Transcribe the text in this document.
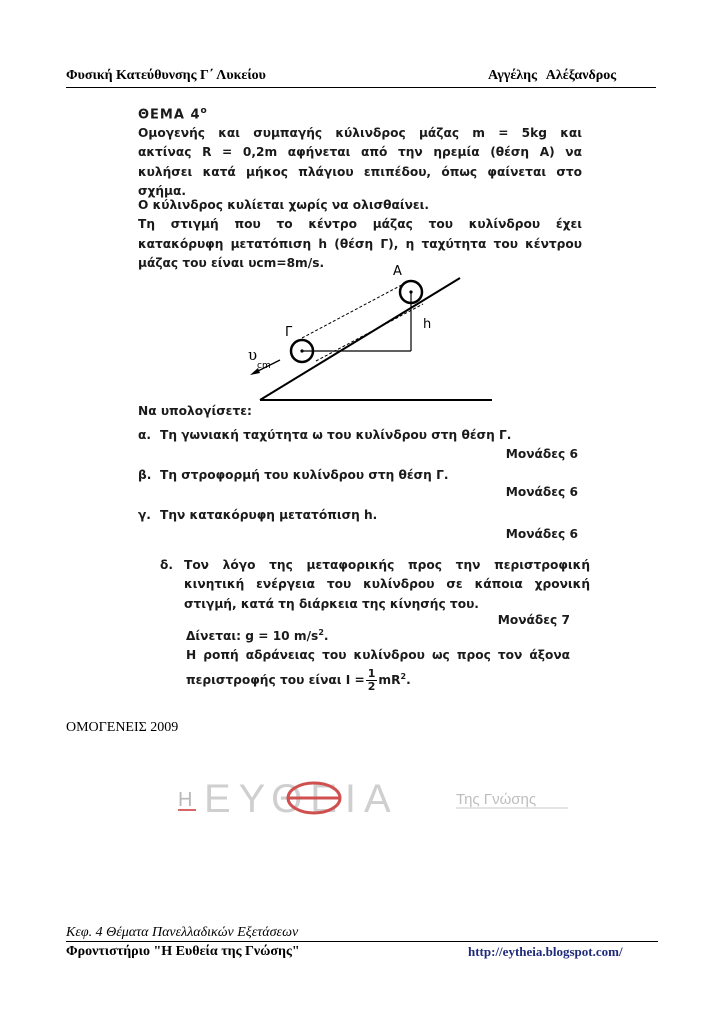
Φυσική Κατεύθυνσης Γ΄ Λυκείου	Αγγέλης Αλέξανδρος
ΘΕΜΑ $4^o$
Ομογενής και συμπαγής κύλινδρος μάζας m = 5kg και
ακτίνας R = 0,2m αφήνεται από την ηρεμία (θέση Α) να
κυλήσει κατά μήκος πλάγιου επιπέδου, όπως φαίνεται στο
σχήμα.
Ο κύλινδρος κυλίεται χωρίς να ολισθαίνει.
Τη στιγμή που το κέντρο μάζας του κυλίνδρου έχει
κατακόρυφη μετατόπιση h (θέση Γ), η ταχύτητα του κέντρου
μάζας του είναι υcm=8m/s.
Α
Γ
h
υ
cm
Να υπολογίσετε:
α. Τη γωνιακή ταχύτητα ω του κυλίνδρου στη θέση Γ.
Μονάδες 6
β. Τη στροφορμή του κυλίνδρου στη θέση Γ.
Μονάδες 6
γ. Την κατακόρυφη μετατόπιση h.
Μονάδες 6
δ. Τον λόγο της μεταφορικής προς την περιστροφική
κινητική ενέργεια του κυλίνδρου σε κάποια χρονική
στιγμή, κατά τη διάρκεια της κίνησής του.
Μονάδες 7
Δίνεται: g = 10 $m/s^2$.
Η ροπή αδράνειας του κυλίνδρου ως προς τον άξονα
περιστροφής του είναι $I = \frac{1}{2} mR^2$.
ΟΜΟΓΕΝΕΙΣ 2009
Η ΕΥΘΕΙΑ	Της Γνώσης
Κεφ. 4 Θέματα Πανελλαδικών Εξετάσεων
Φροντιστήριο "Η Ευθεία της Γνώσης"	http://eytheia.blogspot.com/
